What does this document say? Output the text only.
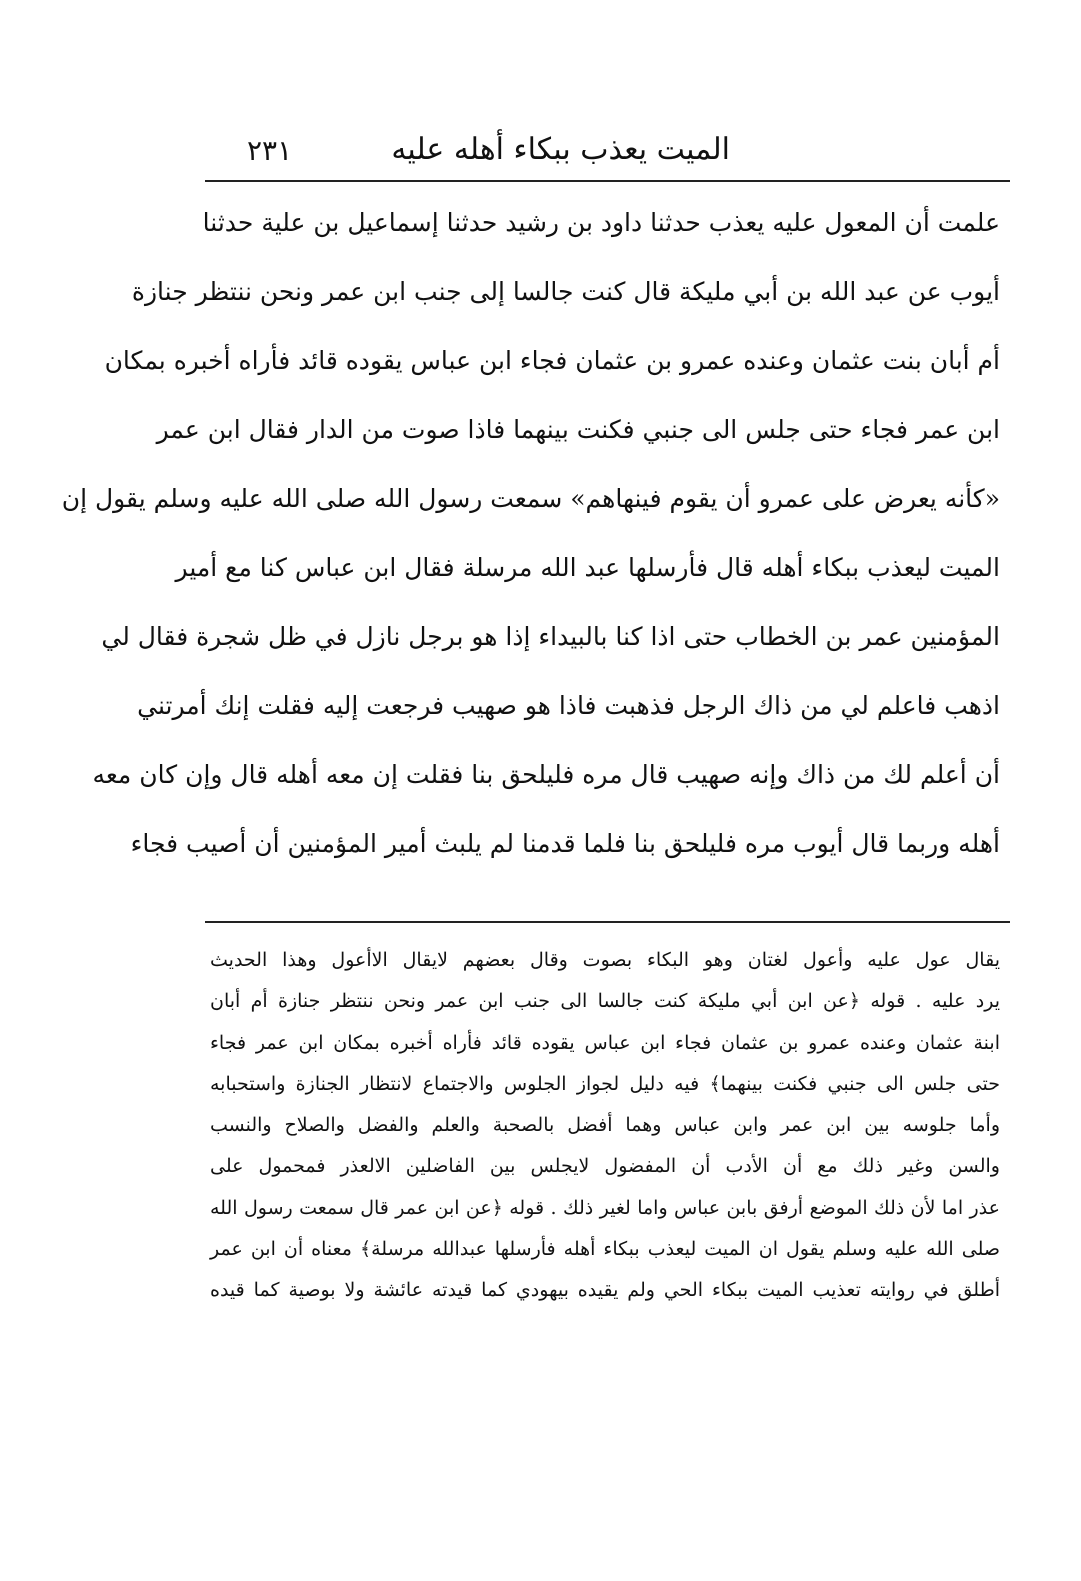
الميت يعذب ببكاء أهله عليه
٢٣١
علمت أن المعول عليه يعذب حدثنا داود بن رشيد حدثنا إسماعيل بن علية حدثنا
أيوب عن عبد الله بن أبي مليكة قال كنت جالسا إلى جنب ابن عمر ونحن ننتظر جنازة
أم أبان بنت عثمان وعنده عمرو بن عثمان فجاء ابن عباس يقوده قائد فأراه أخبره بمكان
ابن عمر فجاء حتى جلس الى جنبي فكنت بينهما فاذا صوت من الدار فقال ابن عمر
«كأنه يعرض على عمرو أن يقوم فينهاهم» سمعت رسول الله صلى الله عليه وسلم يقول إن
الميت ليعذب ببكاء أهله قال فأرسلها عبد الله مرسلة فقال ابن عباس كنا مع أمير
المؤمنين عمر بن الخطاب حتى اذا كنا بالبيداء إذا هو برجل نازل في ظل شجرة فقال لي
اذهب فاعلم لي من ذاك الرجل فذهبت فاذا هو صهيب فرجعت إليه فقلت إنك أمرتني
أن أعلم لك من ذاك وإنه صهيب قال مره فليلحق بنا فقلت إن معه أهله قال وإن كان معه
أهله وربما قال أيوب مره فليلحق بنا فلما قدمنا لم يلبث أمير المؤمنين أن أصيب فجاء
يقال عول عليه وأعول لغتان وهو البكاء بصوت وقال بعضهم لايقال الاأعول وهذا الحديث
يرد عليه . قوله ﴿عن ابن أبي مليكة كنت جالسا الى جنب ابن عمر ونحن ننتظر جنازة أم أبان
ابنة عثمان وعنده عمرو بن عثمان فجاء ابن عباس يقوده قائد فأراه أخبره بمكان ابن عمر فجاء
حتى جلس الى جنبي فكنت بينهما﴾ فيه دليل لجواز الجلوس والاجتماع لانتظار الجنازة واستحبابه
وأما جلوسه بين ابن عمر وابن عباس وهما أفضل بالصحبة والعلم والفضل والصلاح والنسب
والسن وغير ذلك مع أن الأدب أن المفضول لايجلس بين الفاضلين الالعذر فمحمول على
عذر اما لأن ذلك الموضع أرفق بابن عباس واما لغير ذلك . قوله ﴿عن ابن عمر قال سمعت رسول الله
صلى الله عليه وسلم يقول ان الميت ليعذب ببكاء أهله فأرسلها عبدالله مرسلة﴾ معناه أن ابن عمر
أطلق في روايته تعذيب الميت ببكاء الحي ولم يقيده بيهودي كما قيدته عائشة ولا بوصية كما قيده
